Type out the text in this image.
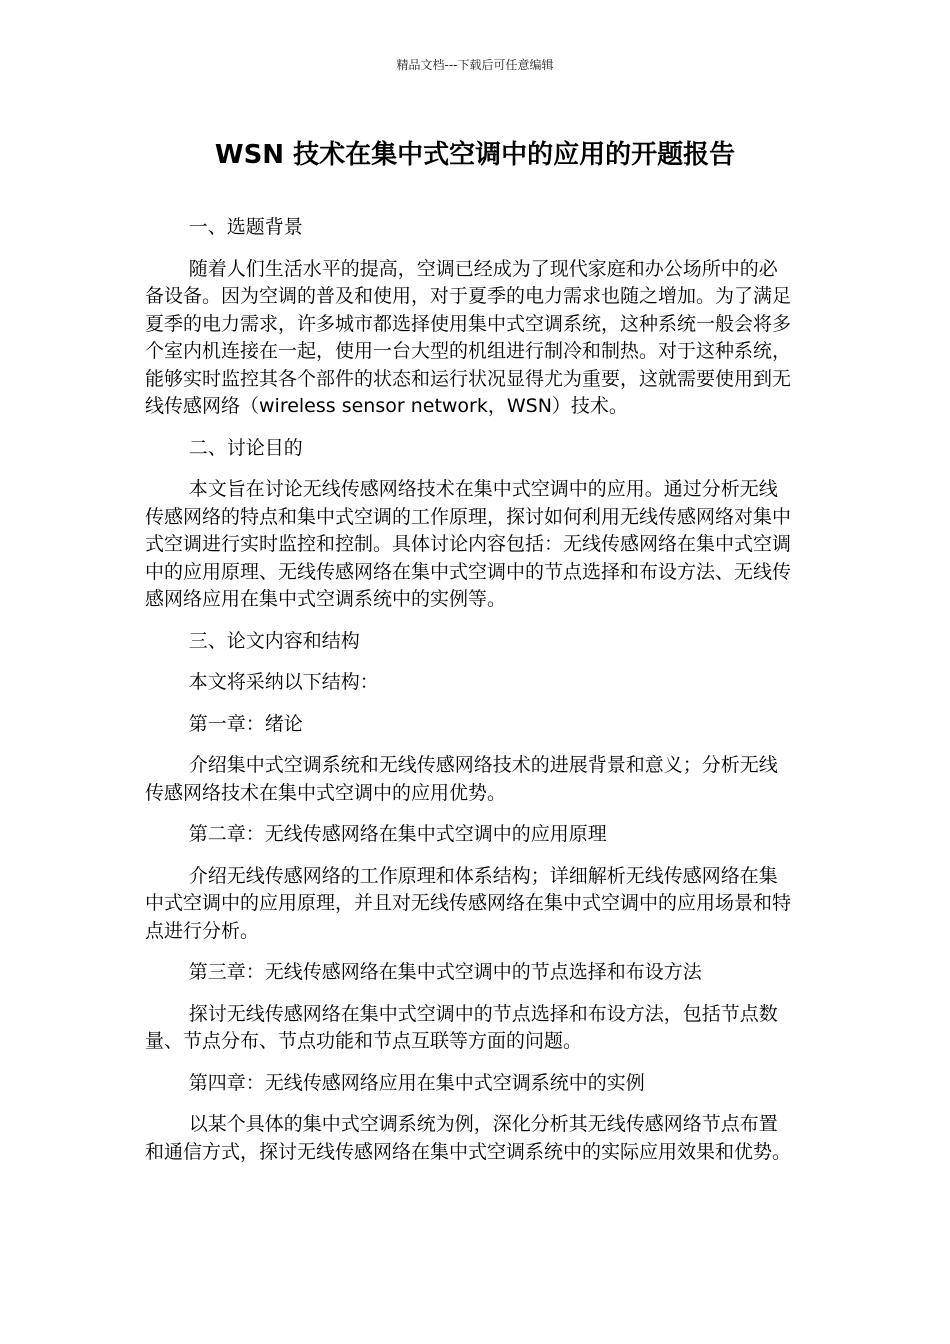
精品文档---下载后可任意编辑
WSN 技术在集中式空调中的应用的开题报告

一、选题背景

随着人们生活水平的提高，空调已经成为了现代家庭和办公场所中的必备设备。因为空调的普及和使用，对于夏季的电力需求也随之增加。为了满足夏季的电力需求，许多城市都选择使用集中式空调系统，这种系统一般会将多个室内机连接在一起，使用一台大型的机组进行制冷和制热。对于这种系统，能够实时监控其各个部件的状态和运行状况显得尤为重要，这就需要使用到无线传感网络（wireless sensor network，WSN）技术。

二、讨论目的

本文旨在讨论无线传感网络技术在集中式空调中的应用。通过分析无线传感网络的特点和集中式空调的工作原理，探讨如何利用无线传感网络对集中式空调进行实时监控和控制。具体讨论内容包括：无线传感网络在集中式空调中的应用原理、无线传感网络在集中式空调中的节点选择和布设方法、无线传感网络应用在集中式空调系统中的实例等。

三、论文内容和结构

本文将采纳以下结构：

第一章：绪论

介绍集中式空调系统和无线传感网络技术的进展背景和意义；分析无线传感网络技术在集中式空调中的应用优势。

第二章：无线传感网络在集中式空调中的应用原理

介绍无线传感网络的工作原理和体系结构；详细解析无线传感网络在集中式空调中的应用原理，并且对无线传感网络在集中式空调中的应用场景和特点进行分析。

第三章：无线传感网络在集中式空调中的节点选择和布设方法

探讨无线传感网络在集中式空调中的节点选择和布设方法，包括节点数量、节点分布、节点功能和节点互联等方面的问题。

第四章：无线传感网络应用在集中式空调系统中的实例

以某个具体的集中式空调系统为例，深化分析其无线传感网络节点布置和通信方式，探讨无线传感网络在集中式空调系统中的实际应用效果和优势。
